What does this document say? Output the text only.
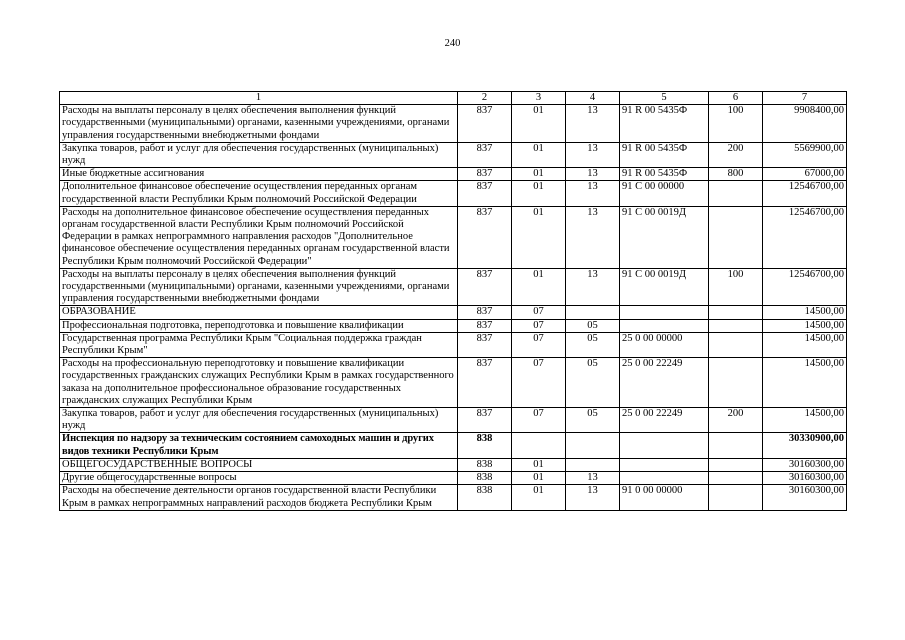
240
1	2	3	4	5	6	7
Расходы на выплаты персоналу в целях обеспечения выполнения функций государственными (муниципальными) органами, казенными учреждениями, органами управления государственными внебюджетными фондами	837	01	13	91 R 00 5435Ф	100	9908400,00
Закупка товаров, работ и услуг для обеспечения государственных (муниципальных) нужд	837	01	13	91 R 00 5435Ф	200	5569900,00
Иные бюджетные ассигнования	837	01	13	91 R 00 5435Ф	800	67000,00
Дополнительное финансовое обеспечение осуществления переданных органам государственной власти Республики Крым полномочий Российской Федерации	837	01	13	91 С 00 00000		12546700,00
Расходы на дополнительное финансовое обеспечение осуществления переданных органам государственной власти Республики Крым полномочий Российской Федерации в рамках непрограммного направления расходов "Дополнительное финансовое обеспечение осуществления переданных органам государственной власти Республики Крым полномочий Российской Федерации"	837	01	13	91 С 00 0019Д		12546700,00
Расходы на выплаты персоналу в целях обеспечения выполнения функций государственными (муниципальными) органами, казенными учреждениями, органами управления государственными внебюджетными фондами	837	01	13	91 С 00 0019Д	100	12546700,00
ОБРАЗОВАНИЕ	837	07				14500,00
Профессиональная подготовка, переподготовка и повышение квалификации	837	07	05			14500,00
Государственная программа Республики Крым "Социальная поддержка граждан Республики Крым"	837	07	05	25 0 00 00000		14500,00
Расходы на профессиональную переподготовку и повышение квалификации государственных гражданских служащих Республики Крым в рамках государственного заказа на дополнительное профессиональное образование государственных гражданских служащих Республики Крым	837	07	05	25 0 00 22249		14500,00
Закупка товаров, работ и услуг для обеспечения государственных (муниципальных) нужд	837	07	05	25 0 00 22249	200	14500,00
Инспекция по надзору за техническим состоянием самоходных машин и других видов техники Республики Крым	838					30330900,00
ОБЩЕГОСУДАРСТВЕННЫЕ ВОПРОСЫ	838	01				30160300,00
Другие общегосударственные вопросы	838	01	13			30160300,00
Расходы на обеспечение деятельности органов государственной власти Республики Крым в рамках непрограммных направлений расходов бюджета Республики Крым	838	01	13	91 0 00 00000		30160300,00
